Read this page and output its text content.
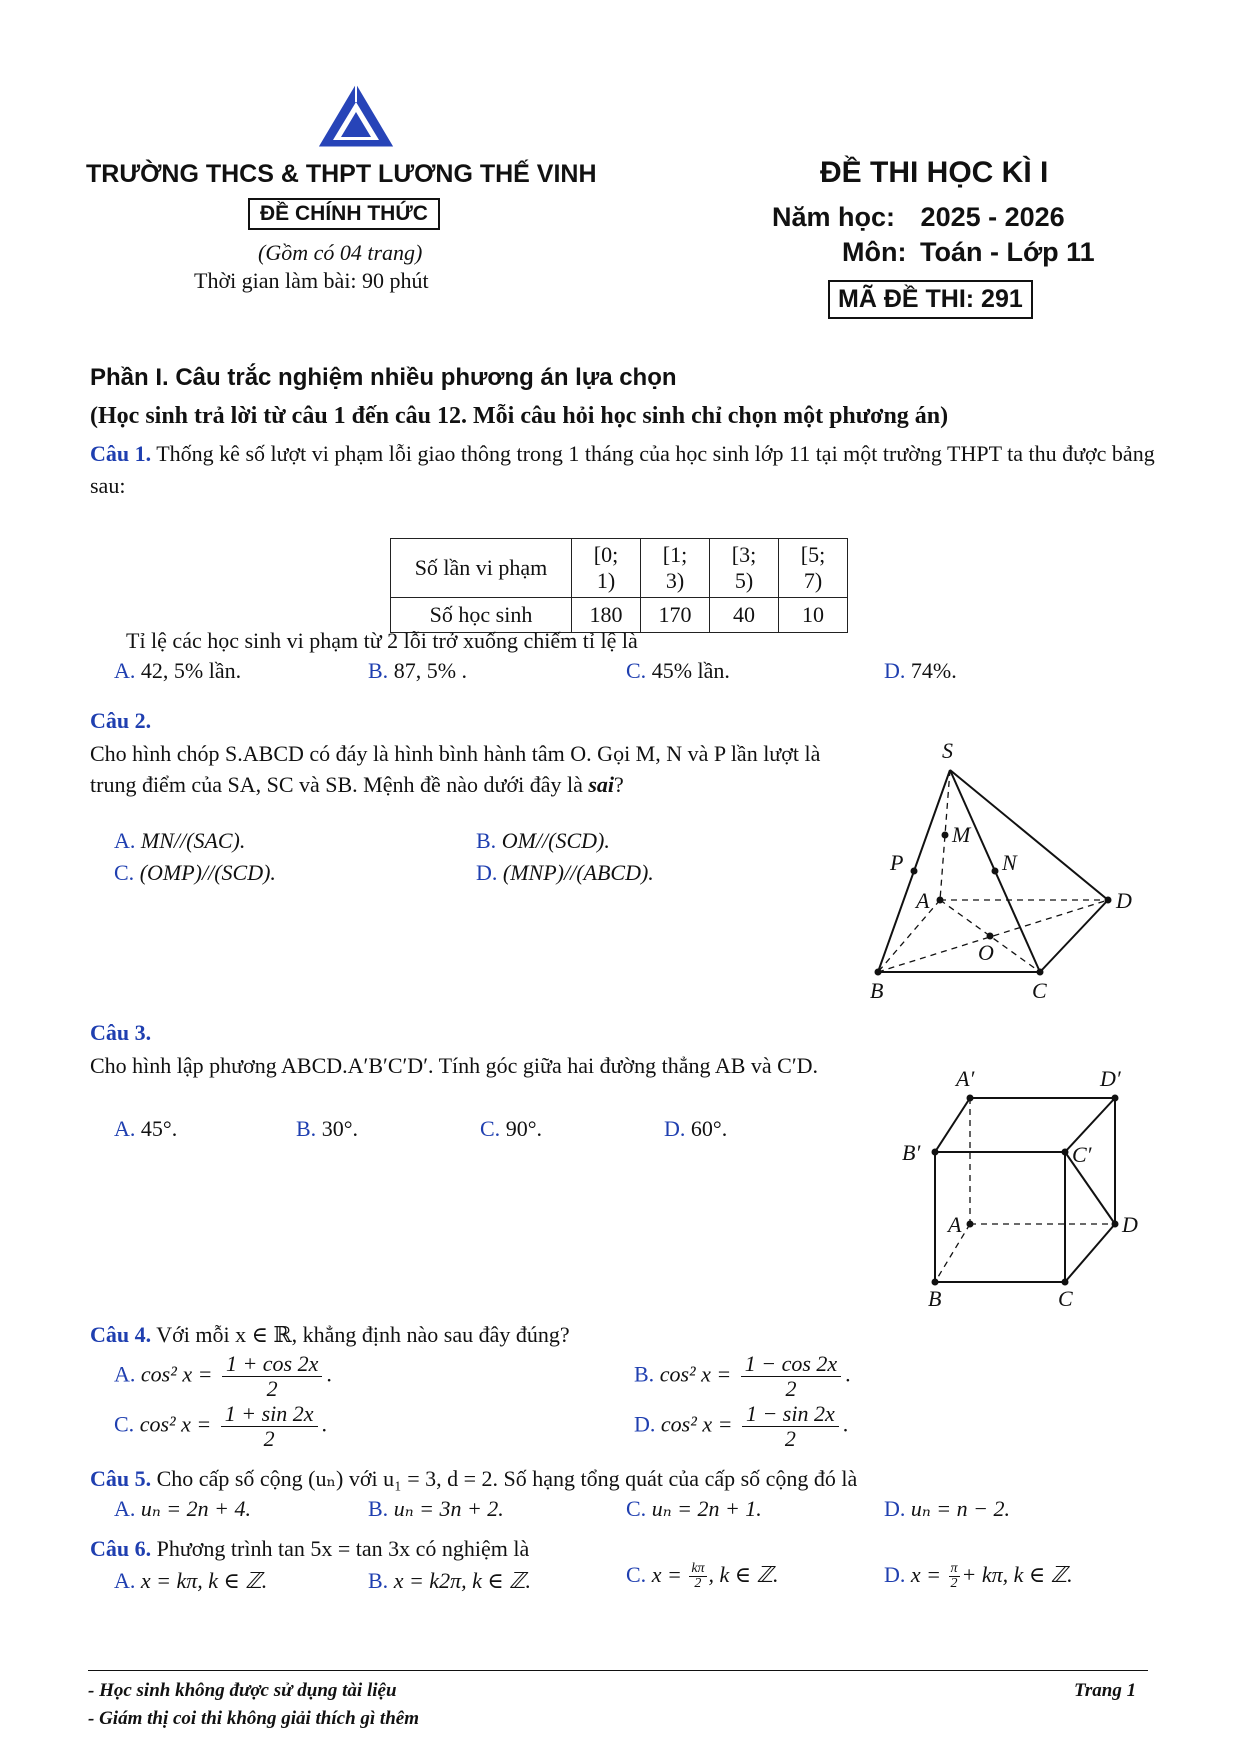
TRƯỜNG THCS & THPT LƯƠNG THẾ VINH
ĐỀ CHÍNH THỨC
(Gồm có 04 trang)
Thời gian làm bài: 90 phút
ĐỀ THI HỌC KÌ I
Năm học: 2025 - 2026
Môn: Toán - Lớp 11
MÃ ĐỀ THI: 291
Phần I. Câu trắc nghiệm nhiều phương án lựa chọn
(Học sinh trả lời từ câu 1 đến câu 12. Mỗi câu hỏi học sinh chỉ chọn một phương án)
Câu 1. Thống kê số lượt vi phạm lỗi giao thông trong 1 tháng của học sinh lớp 11 tại một trường THPT ta thu được bảng sau:
Số lần vi phạm	[0; 1)	[1; 3)	[3; 5)	[5; 7)
Số học sinh	180	170	40	10
Tỉ lệ các học sinh vi phạm từ 2 lỗi trở xuống chiếm tỉ lệ là
A. 42, 5% lần.	B. 87, 5% .	C. 45% lần.	D. 74%.
Câu 2.
Cho hình chóp S.ABCD có đáy là hình bình hành tâm O. Gọi M, N và P lần lượt là trung điểm của SA, SC và SB. Mệnh đề nào dưới đây là sai?
A. MN//(SAC).	B. OM//(SCD).
C. (OMP)//(SCD).	D. (MNP)//(ABCD).
S
M
N
P
A	D
O
B	C
Câu 3.
Cho hình lập phương ABCD.A′B′C′D′. Tính góc giữa hai đường thẳng AB và C′D.
A. 45°.	B. 30°.	C. 90°.	D. 60°.
A′	D′
B′	C′
A	D
B	C
Câu 4. Với mỗi x ∈ ℝ, khẳng định nào sau đây đúng?
A. cos² $x = \frac{1 + \cos 2x}{2}$ .	B. cos² $x = \frac{1 - \cos 2x}{2}$ .
C. cos² $x = \frac{1 + \sin 2x}{2}$ .	D. cos² $x = \frac{1 - \sin 2x}{2}$ .
Câu 5. Cho cấp số cộng (uₙ) với u₁ = 3, d = 2. Số hạng tổng quát của cấp số cộng đó là
A. uₙ = 2n + 4.	B. uₙ = 3n + 2.	C. uₙ = 2n + 1.	D. uₙ = n − 2.
Câu 6. Phương trình tan 5x = tan 3x có nghiệm là
A. x = kπ, k ∈ ℤ.	B. x = k2π, k ∈ ℤ.	C. $x = \frac{k\pi}{2}$ , k ∈ ℤ.	D. $x = \frac{\pi}{2} + k\pi$, k ∈ ℤ.
- Học sinh không được sử dụng tài liệu
- Giám thị coi thi không giải thích gì thêm
Trang 1
